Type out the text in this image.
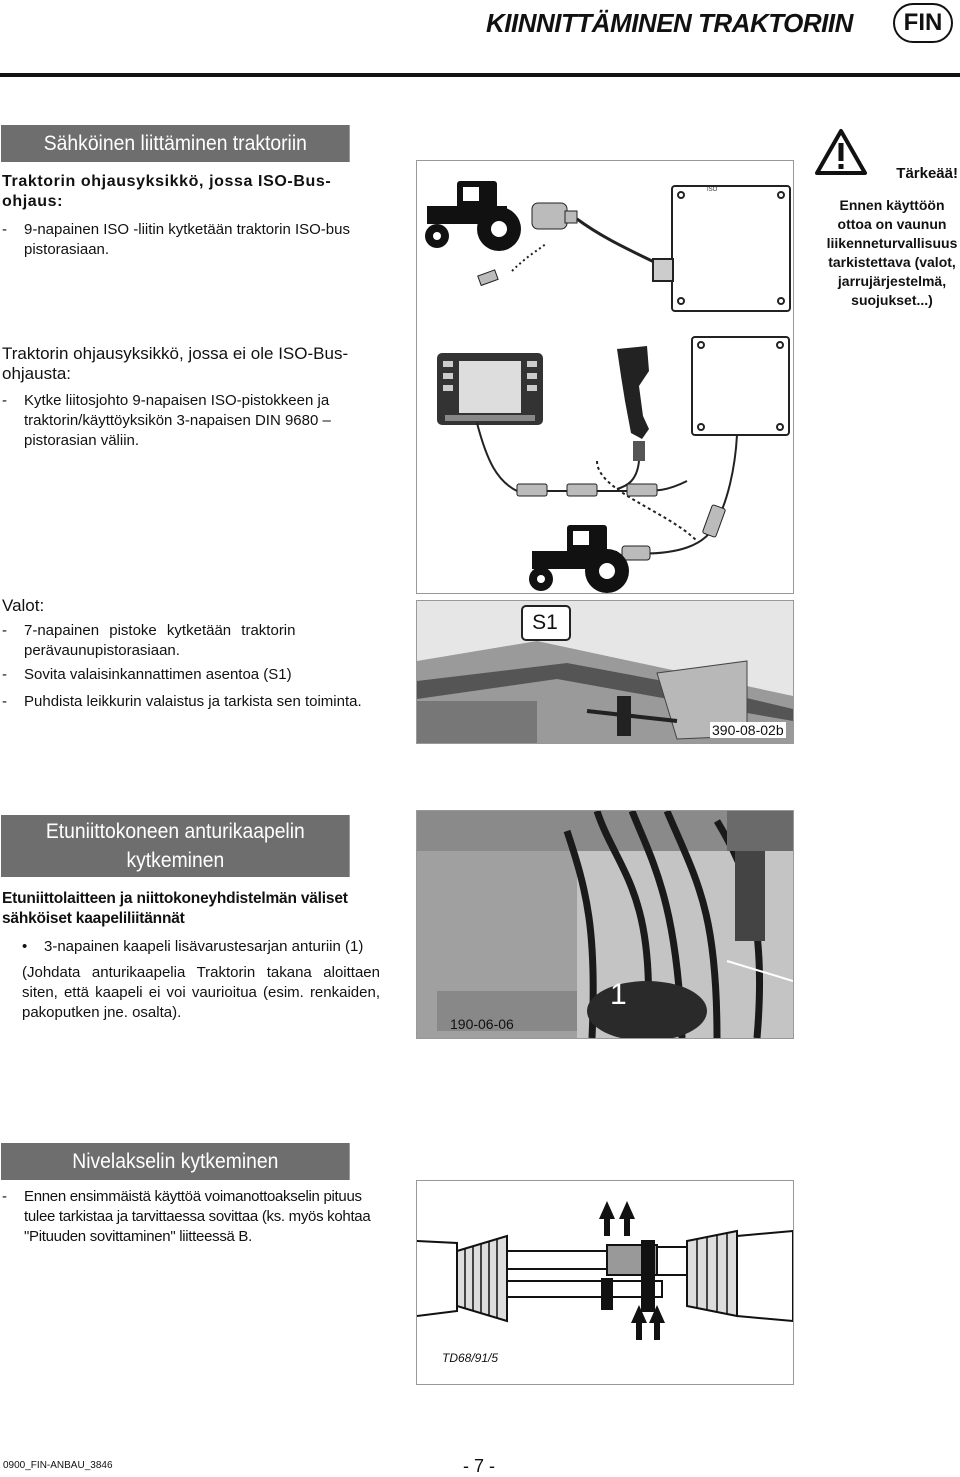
KIINNITTÄMINEN TRAKTORIIN	FIN
Sähköinen liittäminen traktoriin
Traktorin ohjausyksikkö, jossa ISO-Bus-ohjaus:
-	9-napainen ISO -liitin kytketään traktorin ISO-bus pistorasiaan.
Traktorin ohjausyksikkö, jossa ei ole ISO-Bus-ohjausta:
-	Kytke liitosjohto 9-napaisen ISO-pistokkeen ja traktorin/käyttöyksikön 3-napaisen DIN 9680 –pistorasian väliin.
ISO
Tärkeää!
Ennen käyttöön ottoa on vaunun liikenneturvallisuus tarkistettava (valot, jarrujärjestelmä, suojukset...)
Valot:
-	7-napainen pistoke kytketään traktorin perävaunupistorasiaan.
-	Sovita valaisinkannattimen asentoa (S1)
-	Puhdista leikkurin valaistus ja tarkista sen toiminta.
S1
390-08-02b
Etuniittokoneen anturikaapelin
kytkeminen
Etuniittolaitteen ja niittokoneyhdistelmän väliset sähköiset kaapeliliitännät
•	3-napainen kaapeli lisävarustesarjan anturiin (1)
(Johdata anturikaapelia Traktorin takana aloittaen siten, että kaapeli ei voi vaurioitua (esim. renkaiden, pakoputken jne. osalta).
1
190-06-06
Nivelakselin kytkeminen
-	Ennen ensimmäistä käyttöä voimanottoakselin pituus tulee tarkistaa ja tarvittaessa sovittaa (ks. myös kohtaa "Pituuden sovittaminen" liitteessä B.
TD68/91/5
0900_FIN-ANBAU_3846	- 7 -
